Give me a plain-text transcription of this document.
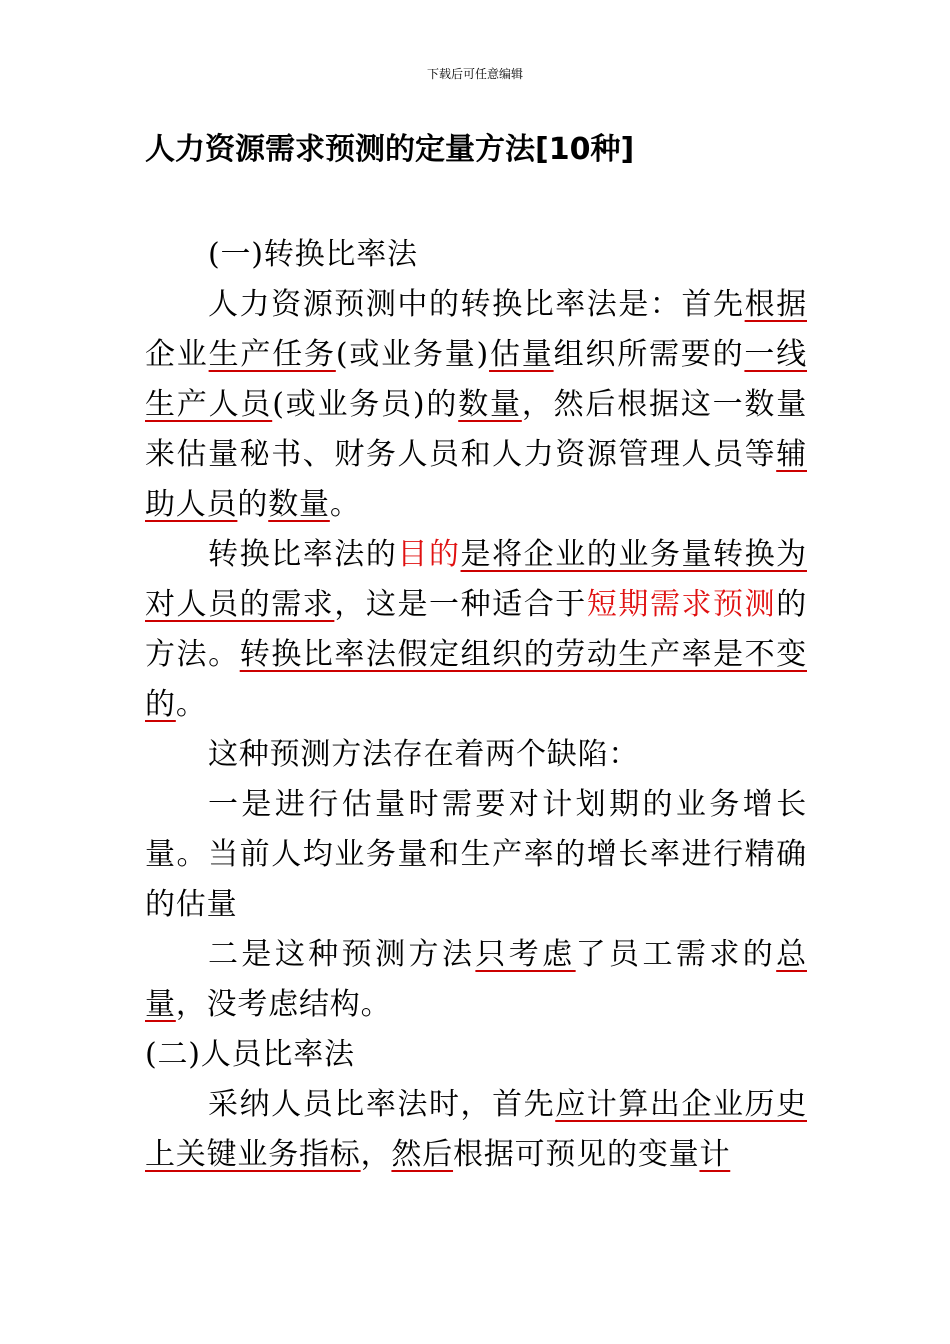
下载后可任意编辑
人力资源需求预测的定量方法[10种]

(一)转换比率法

人力资源预测中的转换比率法是：首先根据企业生产任务(或业务量)估量组织所需要的一线生产人员(或业务员)的数量，然后根据这一数量来估量秘书、财务人员和人力资源管理人员等辅助人员的数量。

转换比率法的目的是将企业的业务量转换为对人员的需求，这是一种适合于短期需求预测的方法。转换比率法假定组织的劳动生产率是不变的。

这种预测方法存在着两个缺陷：

一是进行估量时需要对计划期的业务增长量。当前人均业务量和生产率的增长率进行精确的估量

二是这种预测方法只考虑了员工需求的总量，没考虑结构。

(二)人员比率法

采纳人员比率法时，首先应计算出企业历史上关键业务指标，然后根据可预见的变量计
